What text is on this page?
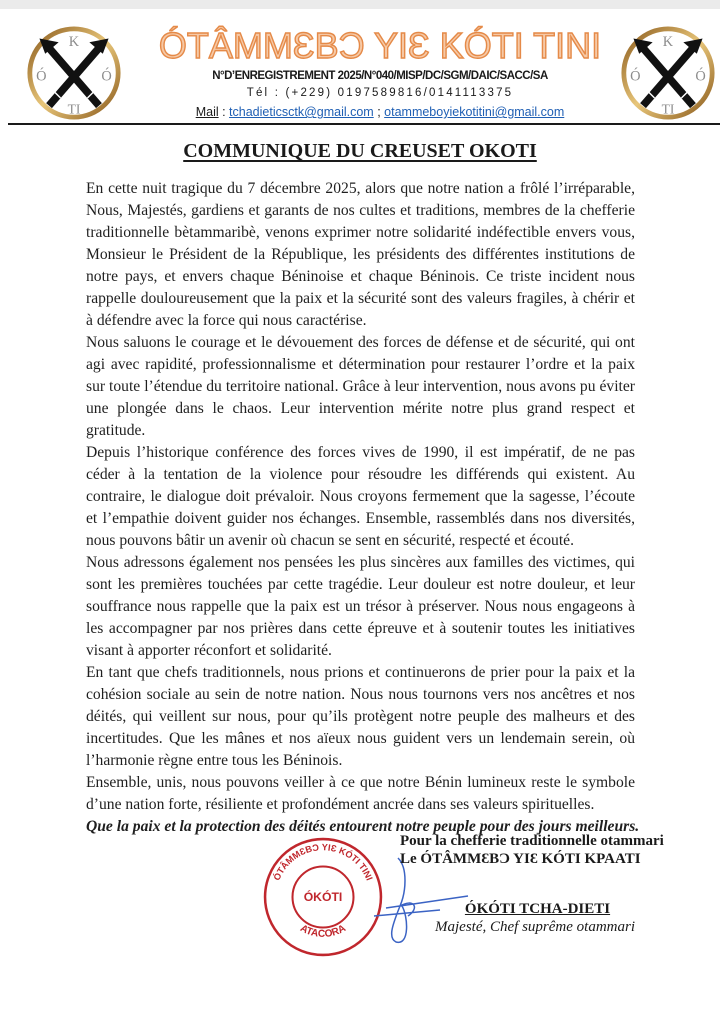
K
Ó	Ó
TI
ÓTÂMMƐBƆ YIƐ KÓTI TINI
N°D’ENREGISTREMENT 2025/N°040/MISP/DC/SGM/DAIC/SACC/SA
Tél : (+229) 0197589816/0141113375
Mail : tchadieticsctk@gmail.com ; otammeboyiekotitini@gmail.com
K
Ó	Ó
TI
COMMUNIQUE DU CREUSET OKOTI

En cette nuit tragique du 7 décembre 2025, alors que notre nation a frôlé l’irréparable, Nous, Majestés, gardiens et garants de nos cultes et traditions, membres de la chefferie traditionnelle bètammaribè, venons exprimer notre solidarité indéfectible envers vous, Monsieur le Président de la République, les présidents des différentes institutions de notre pays, et envers chaque Béninoise et chaque Béninois. Ce triste incident nous rappelle douloureusement que la paix et la sécurité sont des valeurs fragiles, à chérir et à défendre avec la force qui nous caractérise.

Nous saluons le courage et le dévouement des forces de défense et de sécurité, qui ont agi avec rapidité, professionnalisme et détermination pour restaurer l’ordre et la paix sur toute l’étendue du territoire national. Grâce à leur intervention, nous avons pu éviter une plongée dans le chaos. Leur intervention mérite notre plus grand respect et gratitude.

Depuis l’historique conférence des forces vives de 1990, il est impératif, de ne pas céder à la tentation de la violence pour résoudre les différends qui existent. Au contraire, le dialogue doit prévaloir. Nous croyons fermement que la sagesse, l’écoute et l’empathie doivent guider nos échanges. Ensemble, rassemblés dans nos diversités, nous pouvons bâtir un avenir où chacun se sent en sécurité, respecté et écouté.

Nous adressons également nos pensées les plus sincères aux familles des victimes, qui sont les premières touchées par cette tragédie. Leur douleur est notre douleur, et leur souffrance nous rappelle que la paix est un trésor à préserver. Nous nous engageons à les accompagner par nos prières dans cette épreuve et à soutenir toutes les initiatives visant à apporter réconfort et solidarité.

En tant que chefs traditionnels, nous prions et continuerons de prier pour la paix et la cohésion sociale au sein de notre nation. Nous nous tournons vers nos ancêtres et nos déités, qui veillent sur nous, pour qu’ils protègent notre peuple des malheurs et des incertitudes. Que les mânes et nos aïeux nous guident vers un lendemain serein, où l’harmonie règne entre tous les Béninois.

Ensemble, unis, nous pouvons veiller à ce que notre Bénin lumineux reste le symbole d’une nation forte, résiliente et profondément ancrée dans ses valeurs spirituelles.

Que la paix et la protection des déités entourent notre peuple pour des jours meilleurs.

ÓTÂMMƐBƆ YIƐ KÓTI TINI
ATACORA
ÓKÓTI
Pour la chefferie traditionnelle otammari
Le ÓTÂMMƐBƆ YIƐ KÓTI KPAATI
ÓKÓTI TCHA-DIETI
Majesté, Chef suprême otammari
